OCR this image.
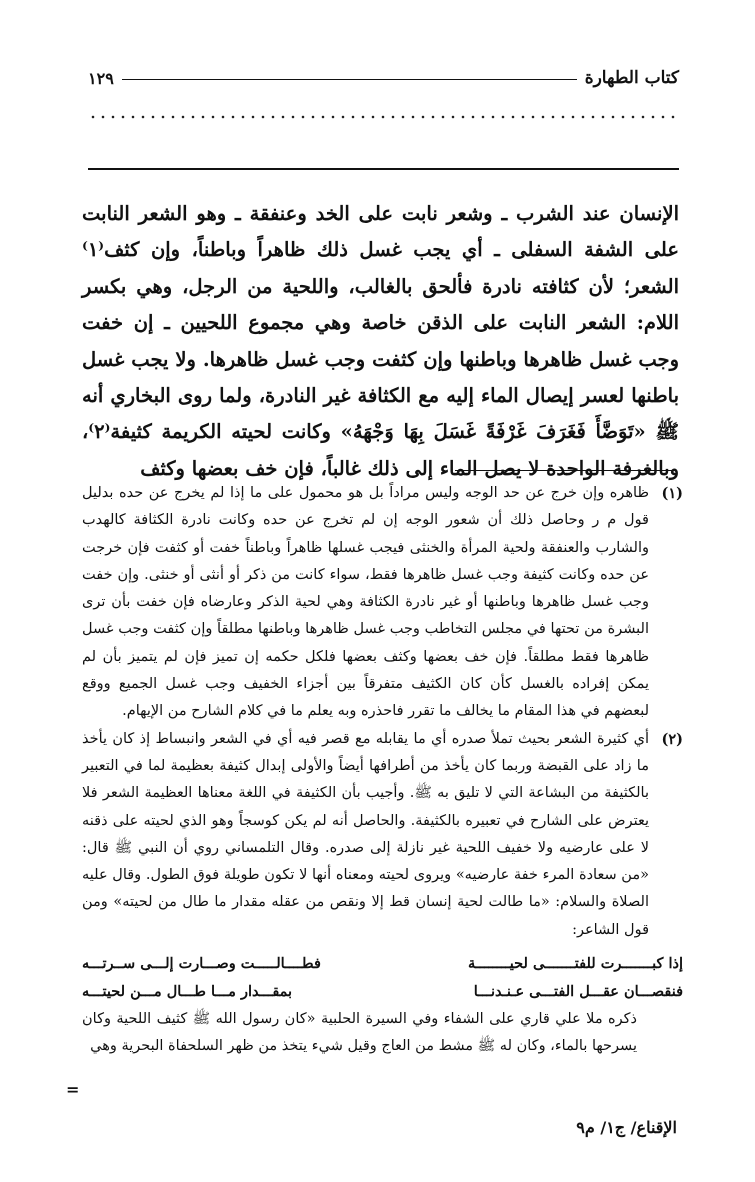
كتاب الطهارة
١٢٩

الإنسان عند الشرب ـ وشعر نابت على الخد وعنفقة ـ وهو الشعر النابت على الشفة السفلى ـ أي يجب غسل ذلك ظاهراً وباطناً، وإن كثف⁽١⁾ الشعر؛ لأن كثافته نادرة فألحق بالغالب، واللحية من الرجل، وهي بكسر اللام: الشعر النابت على الذقن خاصة وهي مجموع اللحيين ـ إن خفت وجب غسل ظاهرها وباطنها وإن كثفت وجب غسل ظاهرها. ولا يجب غسل باطنها لعسر إيصال الماء إليه مع الكثافة غير النادرة، ولما روى البخاري أنه ﷺ «تَوَضَّأَ فَغَرَفَ غَرْفَةً غَسَلَ بِهَا وَجْهَهُ» وكانت لحيته الكريمة كثيفة⁽٢⁾، وبالغرفة الواحدة لا يصل الماء إلى ذلك غالباً، فإن خف بعضها وكثف

(١)

ظاهره وإن خرج عن حد الوجه وليس مراداً بل هو محمول على ما إذا لم يخرج عن حده بدليل قول م ر وحاصل ذلك أن شعور الوجه إن لم تخرج عن حده وكانت نادرة الكثافة كالهدب والشارب والعنفقة ولحية المرأة والخنثى فيجب غسلها ظاهراً وباطناً خفت أو كثفت فإن خرجت عن حده وكانت كثيفة وجب غسل ظاهرها فقط، سواء كانت من ذكر أو أنثى أو خنثى. وإن خفت وجب غسل ظاهرها وباطنها أو غير نادرة الكثافة وهي لحية الذكر وعارضاه فإن خفت بأن ترى البشرة من تحتها في مجلس التخاطب وجب غسل ظاهرها وباطنها مطلقاً وإن كثفت وجب غسل ظاهرها فقط مطلقاً. فإن خف بعضها وكثف بعضها فلكل حكمه إن تميز فإن لم يتميز بأن لم يمكن إفراده بالغسل كأن كان الكثيف متفرقاً بين أجزاء الخفيف وجب غسل الجميع ووقع لبعضهم في هذا المقام ما يخالف ما تقرر فاحذره وبه يعلم ما في كلام الشارح من الإيهام.

(٢)

أي كثيرة الشعر بحيث تملأ صدره أي ما يقابله مع قصر فيه أي في الشعر وانبساط إذ كان يأخذ ما زاد على القبضة وربما كان يأخذ من أطرافها أيضاً والأولى إبدال كثيفة بعظيمة لما في التعبير بالكثيفة من البشاعة التي لا تليق به ﷺ. وأجيب بأن الكثيفة في اللغة معناها العظيمة الشعر فلا يعترض على الشارح في تعبيره بالكثيفة. والحاصل أنه لم يكن كوسجاً وهو الذي لحيته على ذقنه لا على عارضيه ولا خفيف اللحية غير نازلة إلى صدره. وقال التلمساني روي أن النبي ﷺ قال: «من سعادة المرء خفة عارضيه» ويروى لحيته ومعناه أنها لا تكون طويلة فوق الطول. وقال عليه الصلاة والسلام: «ما طالت لحية إنسان قط إلا ونقص من عقله مقدار ما طال من لحيته» ومن قول الشاعر:

إذا كبـــــــرت للفتـــــــى لحيــــــــة
فطــــالـــــت وصـــارت إلـــى ســرتـــه
فنقصـــان عقـــل الفتـــى عـنـدنـــا
بمقـــدار مـــا طـــال مـــن لحيتـــه

ذكره ملا علي قاري على الشفاء وفي السيرة الحلبية «كان رسول الله ﷺ كثيف اللحية وكان يسرحها بالماء، وكان له ﷺ مشط من العاج وقيل شيء يتخذ من ظهر السلحفاة البحرية وهي

=
الإقناع/ ج١/ م٩
